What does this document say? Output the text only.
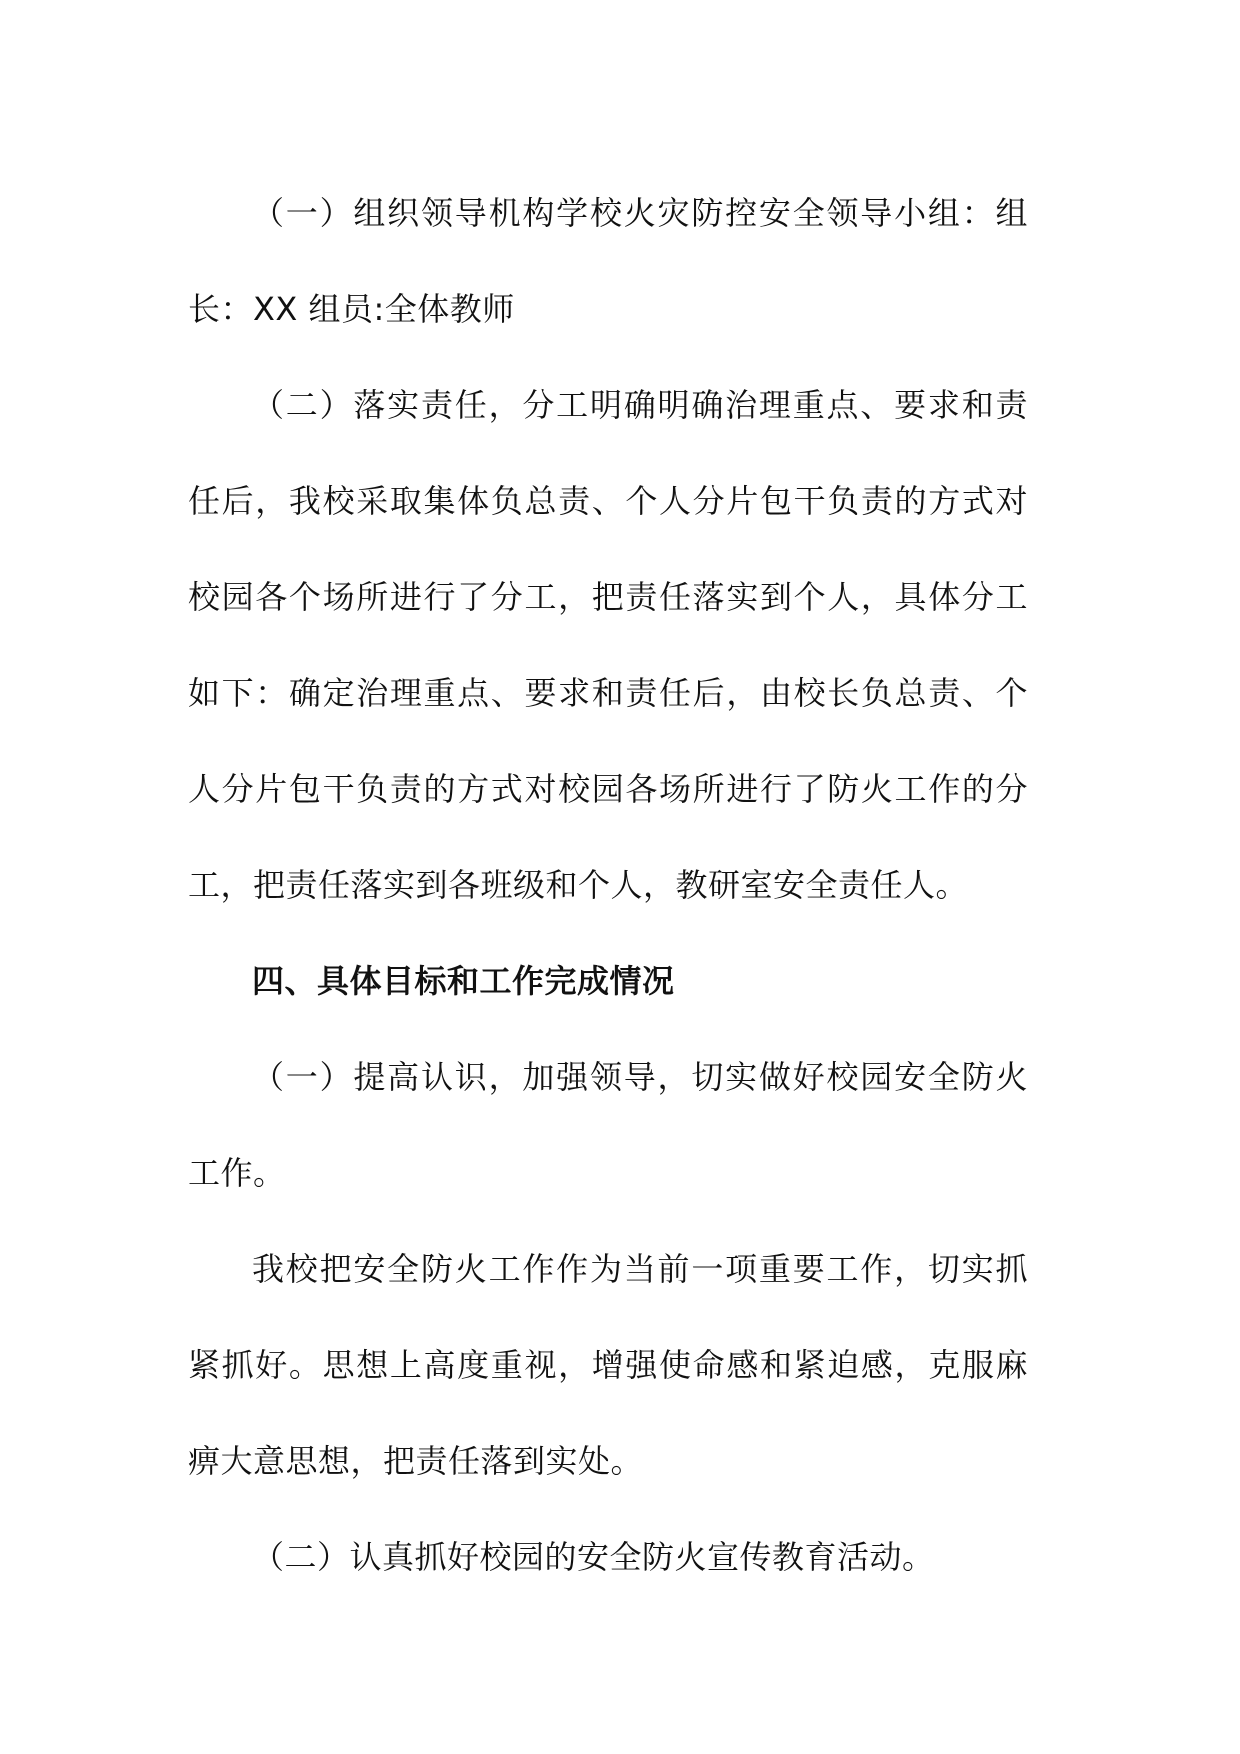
（一）组织领导机构学校火灾防控安全领导小组：组长：XX 组员:全体教师

（二）落实责任，分工明确明确治理重点、要求和责任后，我校采取集体负总责、个人分片包干负责的方式对校园各个场所进行了分工，把责任落实到个人，具体分工如下：确定治理重点、要求和责任后，由校长负总责、个人分片包干负责的方式对校园各场所进行了防火工作的分工，把责任落实到各班级和个人，教研室安全责任人。

四、具体目标和工作完成情况

（一）提高认识，加强领导，切实做好校园安全防火工作。

我校把安全防火工作作为当前一项重要工作，切实抓紧抓好。思想上高度重视，增强使命感和紧迫感，克服麻痹大意思想，把责任落到实处。

（二）认真抓好校园的安全防火宣传教育活动。
